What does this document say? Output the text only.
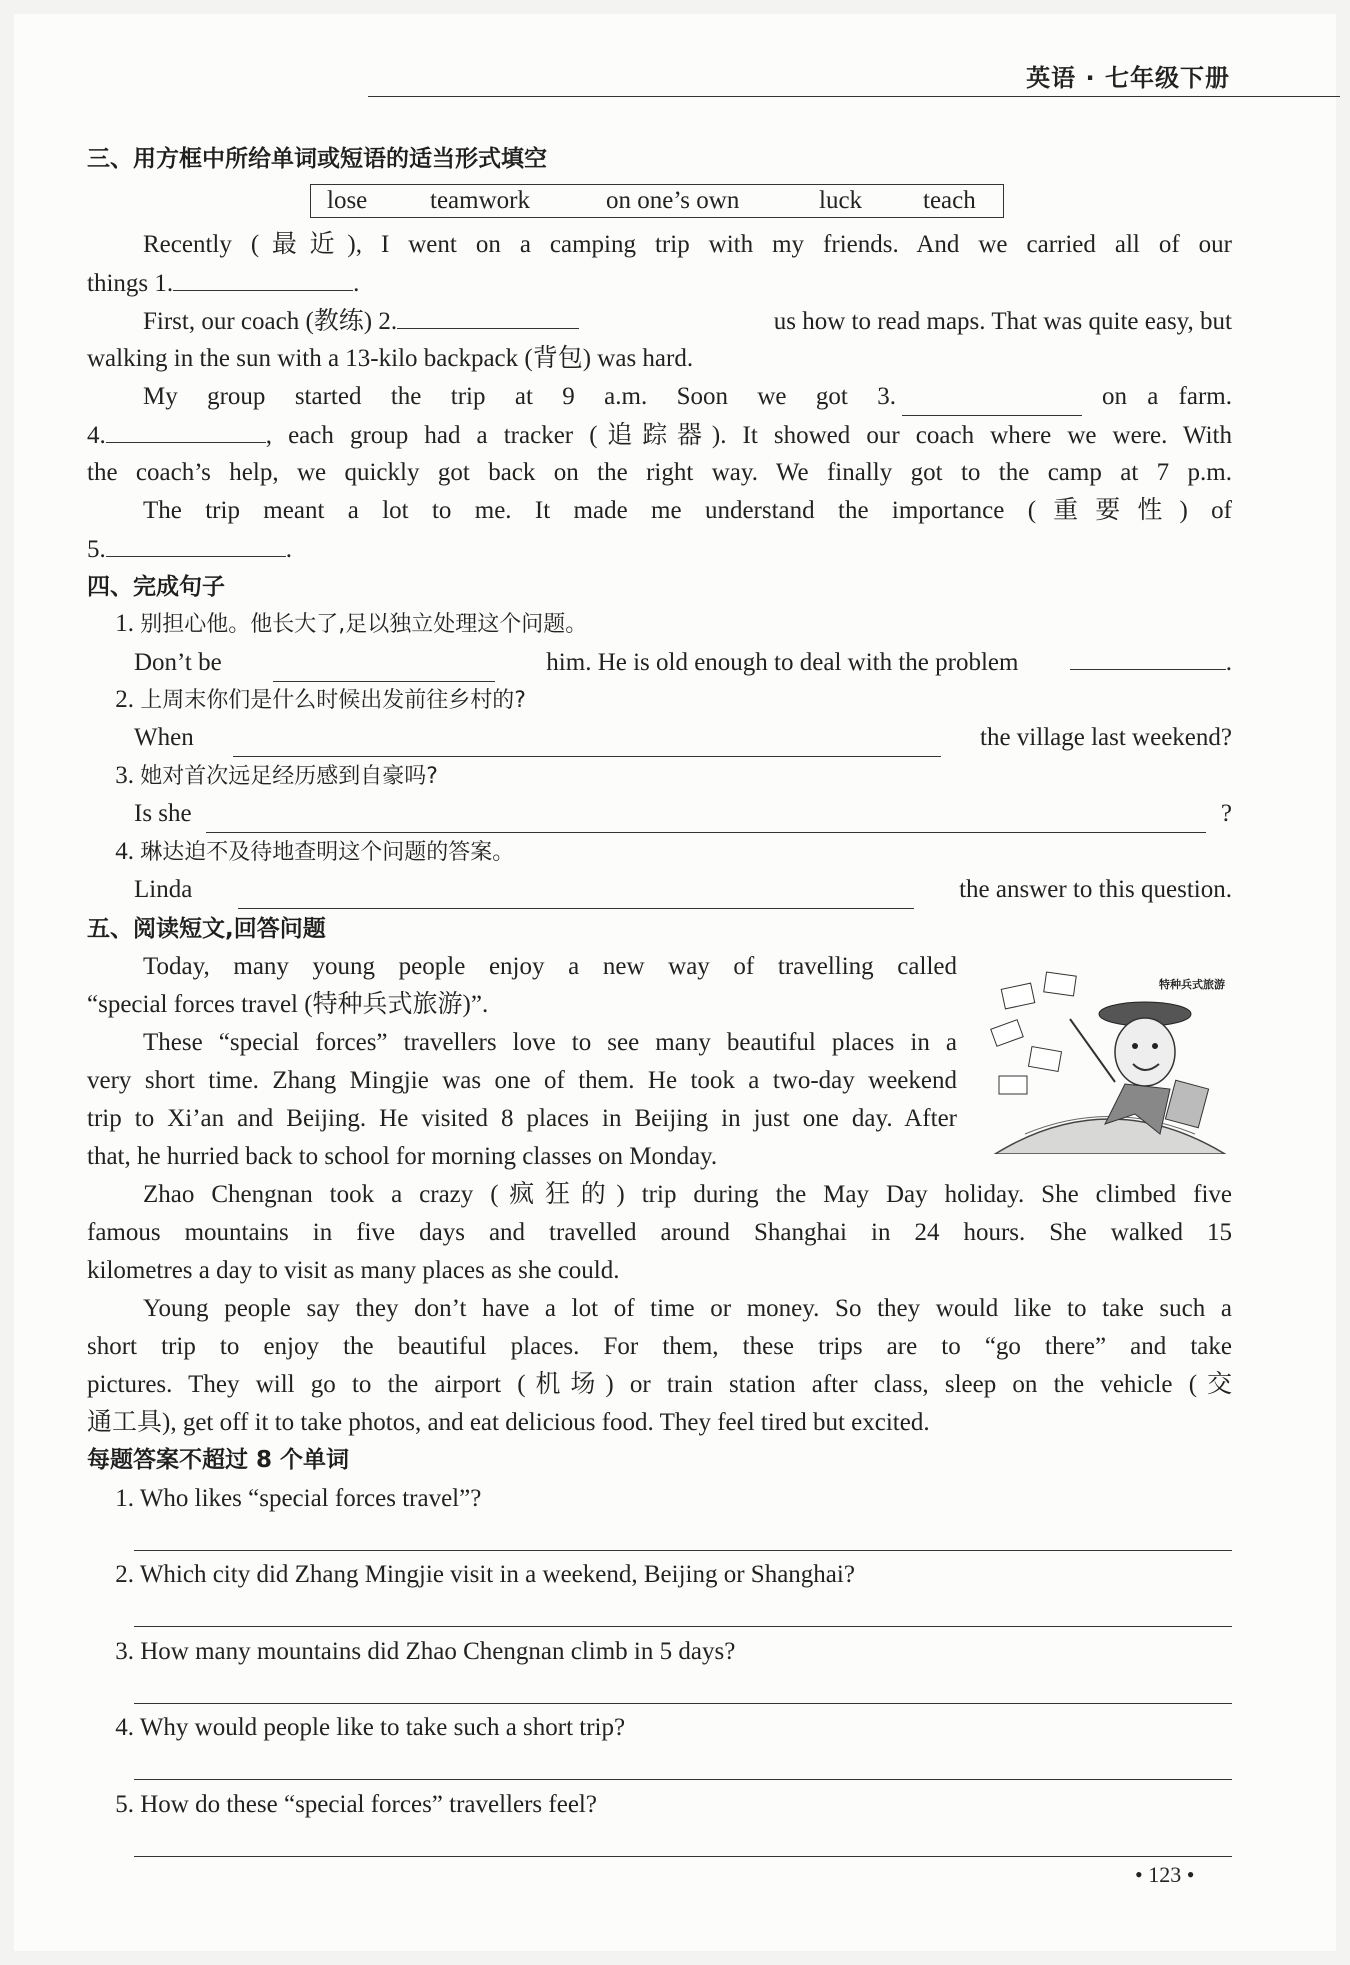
英语 · 七年级下册
三、用方框中所给单词或短语的适当形式填空
lose	teamwork	on one’s own	luck teach
Recently (最近), I went on a camping trip with my friends. And we carried all of our
things 1.	.
First, our coach (教练) 2.	us how to read maps. That was quite easy, but
walking in the sun with a 13-kilo backpack (背包) was hard.
My group started the trip at 9 a.m. Soon we got 3.	on a farm.
4.	, each group had a tracker (追踪器). It showed our coach where we were. With
the coach’s help, we quickly got back on the right way. We finally got to the camp at 7 p.m.
The trip meant a lot to me. It made me understand the importance (重要性) of
5.	.
四、完成句子
1. 别担心他。他长大了,足以独立处理这个问题。
Don’t be	him. He is old enough to deal with the problem	.
2. 上周末你们是什么时候出发前往乡村的?
When	the village last weekend?
3. 她对首次远足经历感到自豪吗?
Is she	?
4. 琳达迫不及待地查明这个问题的答案。
Linda	the answer to this question.
五、阅读短文,回答问题
Today, many young people enjoy a new way of travelling called
“special forces travel (特种兵式旅游)”.
These “special forces” travellers love to see many beautiful places in a
very short time. Zhang Mingjie was one of them. He took a two-day weekend
trip to Xi’an and Beijing. He visited 8 places in Beijing in just one day. After
that, he hurried back to school for morning classes on Monday.
特种兵式旅游
Zhao Chengnan took a crazy (疯狂的) trip during the May Day holiday. She climbed five
famous mountains in five days and travelled around Shanghai in 24 hours. She walked 15
kilometres a day to visit as many places as she could.
Young people say they don’t have a lot of time or money. So they would like to take such a
short trip to enjoy the beautiful places. For them, these trips are to “go there” and take
pictures. They will go to the airport (机场) or train station after class, sleep on the vehicle (交
通工具), get off it to take photos, and eat delicious food. They feel tired but excited.
每题答案不超过 8 个单词
1. Who likes “special forces travel”?
2. Which city did Zhang Mingjie visit in a weekend, Beijing or Shanghai?
3. How many mountains did Zhao Chengnan climb in 5 days?
4. Why would people like to take such a short trip?
5. How do these “special forces” travellers feel?
• 123 •
